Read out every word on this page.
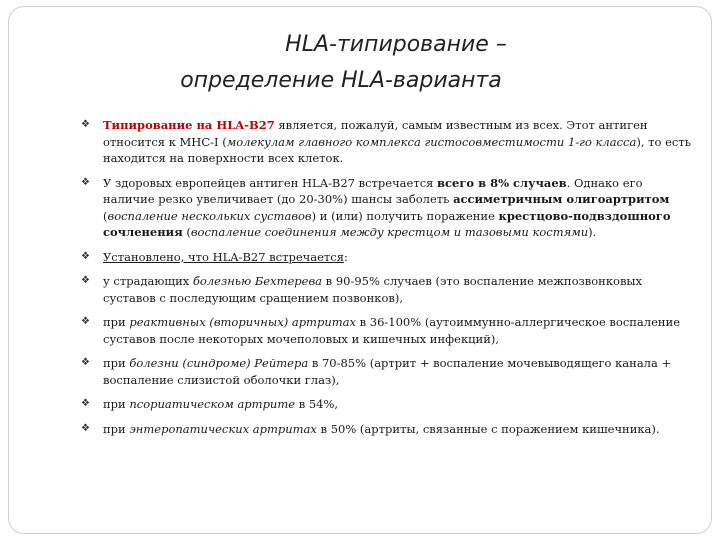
HLA-типирование –
определение HLA-варианта
❖ Типирование на HLA-B27 является, пожалуй, самым известным из всех. Этот антиген относится к MHC-I (молекулам главного комплекса гистосовместимости 1-го класса), то есть находится на поверхности всех клеток.
❖ У здоровых европейцев антиген HLA-B27 встречается всего в 8% случаев. Однако его наличие резко увеличивает (до 20-30%) шансы заболеть ассиметричным олигоартритом (воспаление нескольких суставов) и (или) получить поражение крестцово-подвздошного сочленения (воспаление соединения между крестцом и тазовыми костями).
❖ Установлено, что HLA-B27 встречается:
❖ у страдающих болезнью Бехтерева в 90-95% случаев (это воспаление межпозвонковых суставов с последующим сращением позвонков),
❖ при реактивных (вторичных) артритах в 36-100% (аутоиммунно-аллергическое воспаление суставов после некоторых мочеполовых и кишечных инфекций),
❖ при болезни (синдроме) Рейтера в 70-85% (артрит + воспаление мочевыводящего канала + воспаление слизистой оболочки глаз),
❖ при псориатическом артрите в 54%,
❖ при энтеропатических артритах в 50% (артриты, связанные с поражением кишечника).
